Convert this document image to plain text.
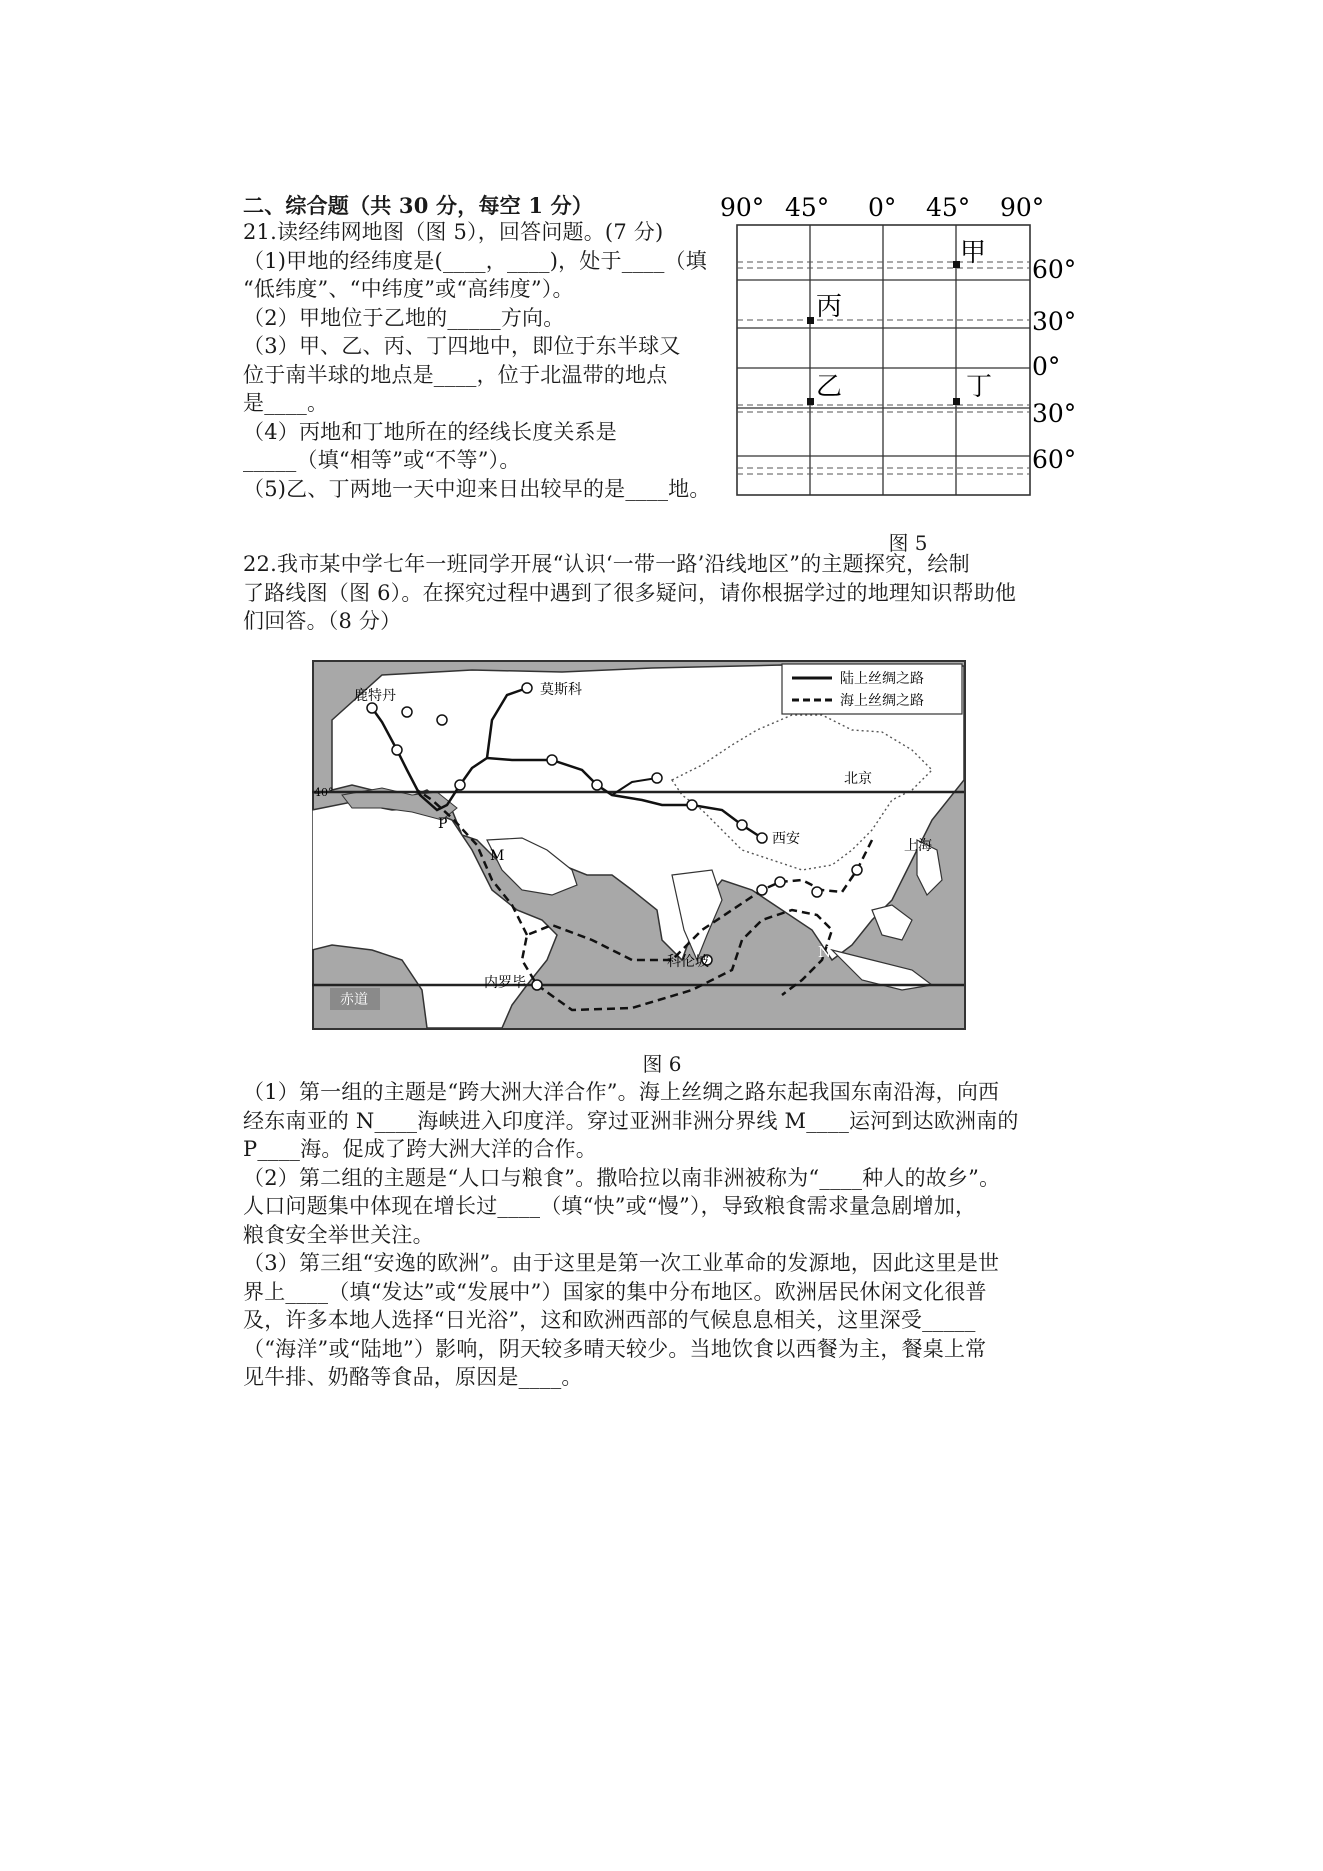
二、综合题（共 30 分，每空 1 分）
21.读经纬网地图（图 5），回答问题。(7 分)
（1)甲地的经纬度是(____，____)，处于____（填
“低纬度”、“中纬度”或“高纬度”）。
（2）甲地位于乙地的_____方向。
（3）甲、乙、丙、丁四地中，即位于东半球又
位于南半球的地点是____，位于北温带的地点
是____。
（4）丙地和丁地所在的经线长度关系是
_____（填“相等”或“不等”）。
（5)乙、丁两地一天中迎来日出较早的是____地。
90° 45° 0° 45° 90°
60°
30°
0°
30°
60°
甲
丙
乙	丁
图 5
22.我市某中学七年一班同学开展“认识‘一带一路’沿线地区”的主题探究，绘制
了路线图（图 6）。在探究过程中遇到了很多疑问，请你根据学过的地理知识帮助他
们回答。（8 分）
陆上丝绸之路
海上丝绸之路
鹿特丹	莫斯科
北京
西安	上海
内罗毕
科伦坡
赤道
40°
P
M
N
图 6
（1）第一组的主题是“跨大洲大洋合作”。海上丝绸之路东起我国东南沿海，向西
经东南亚的 N____海峡进入印度洋。穿过亚洲非洲分界线 M____运河到达欧洲南的
P____海。促成了跨大洲大洋的合作。
（2）第二组的主题是“人口与粮食”。撒哈拉以南非洲被称为“____种人的故乡”。
人口问题集中体现在增长过____（填“快”或“慢”），导致粮食需求量急剧增加，
粮食安全举世关注。
（3）第三组“安逸的欧洲”。由于这里是第一次工业革命的发源地，因此这里是世
界上____（填“发达”或“发展中”）国家的集中分布地区。欧洲居民休闲文化很普
及，许多本地人选择“日光浴”，这和欧洲西部的气候息息相关，这里深受_____
（“海洋”或“陆地”）影响，阴天较多晴天较少。当地饮食以西餐为主，餐桌上常
见牛排、奶酪等食品，原因是____。
